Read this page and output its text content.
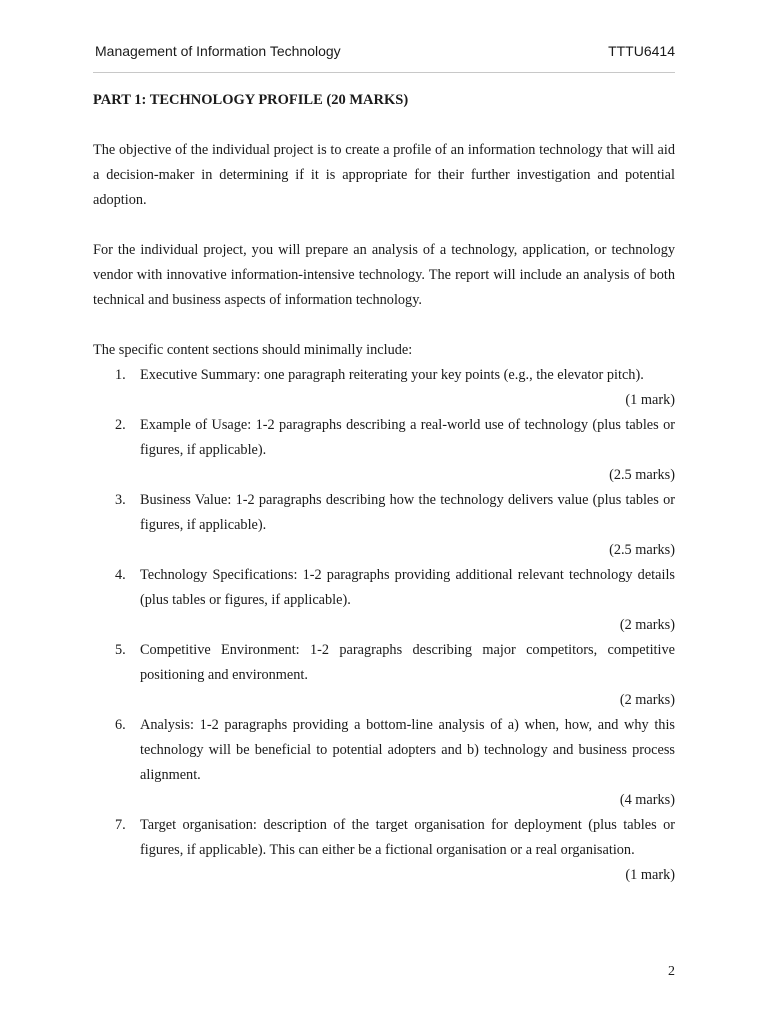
Management of Information Technology	TTTU6414
PART 1: TECHNOLOGY PROFILE (20 MARKS)

The objective of the individual project is to create a profile of an information technology that will aid a decision-maker in determining if it is appropriate for their further investigation and potential adoption.

For the individual project, you will prepare an analysis of a technology, application, or technology vendor with innovative information-intensive technology. The report will include an analysis of both technical and business aspects of information technology.

The specific content sections should minimally include:
1. Executive Summary: one paragraph reiterating your key points (e.g., the elevator pitch).
(1 mark)
2. Example of Usage: 1-2 paragraphs describing a real-world use of technology (plus tables or figures, if applicable).
(2.5 marks)
3. Business Value: 1-2 paragraphs describing how the technology delivers value (plus tables or figures, if applicable).
(2.5 marks)
4. Technology Specifications: 1-2 paragraphs providing additional relevant technology details (plus tables or figures, if applicable).
(2 marks)
5. Competitive Environment: 1-2 paragraphs describing major competitors, competitive positioning and environment.
(2 marks)
6. Analysis: 1-2 paragraphs providing a bottom-line analysis of a) when, how, and why this technology will be beneficial to potential adopters and b) technology and business process alignment.
(4 marks)
7. Target organisation: description of the target organisation for deployment (plus tables or figures, if applicable). This can either be a fictional organisation or a real organisation.
(1 mark)
2
